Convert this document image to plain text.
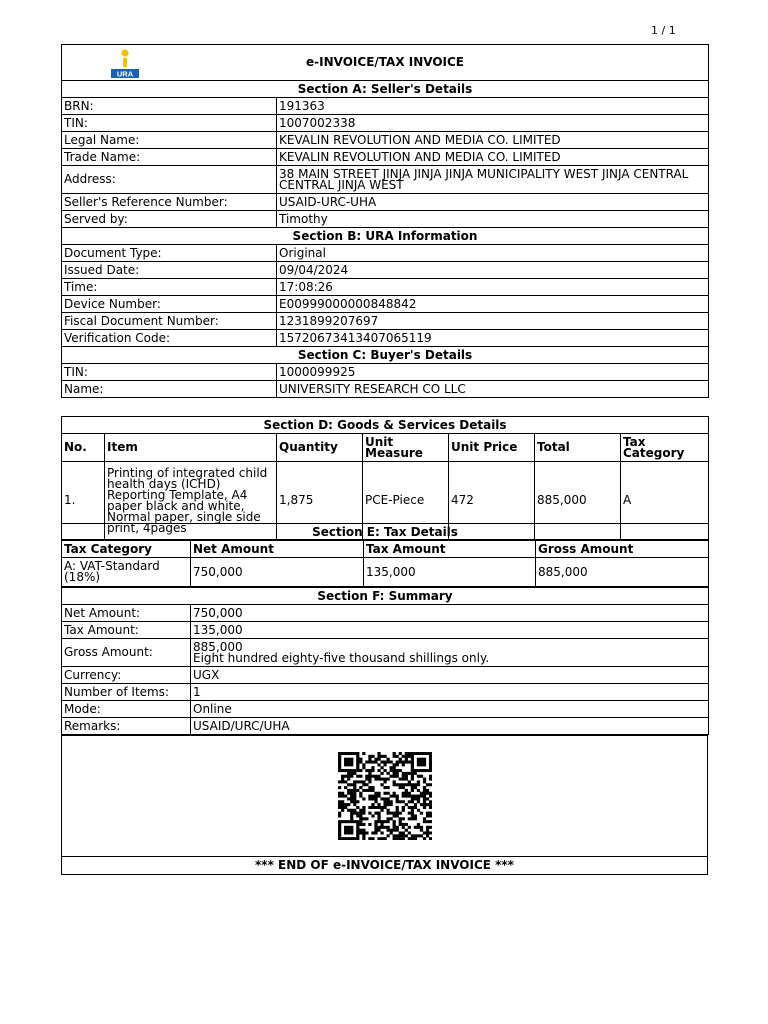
1 / 1
URA
e-INVOICE/TAX INVOICE	

Section A: Seller's Details	
BRN:	191363
TIN:	1007002338
Legal Name:	KEVALIN REVOLUTION AND MEDIA CO. LIMITED
Trade Name:	KEVALIN REVOLUTION AND MEDIA CO. LIMITED
Address:	38 MAIN STREET JINJA JINJA JINJA MUNICIPALITY WEST JINJA CENTRAL CENTRAL JINJA WEST
Seller's Reference Number:	USAID-URC-UHA
Served by:	Timothy
Section B: URA Information	
Document Type:	Original
Issued Date:	09/04/2024
Time:	17:08:26
Device Number:	E00999000000848842
Fiscal Document Number:	1231899207697
Verification Code:	15720673413407065119
Section C: Buyer's Details	
TIN:	1000099925
Name:	UNIVERSITY RESEARCH CO LLC
Section D: Goods & Services Details						
No.	Item	Quantity	Unit Measure	Unit Price	Total	Tax Category
1.	Printing of integrated child health days (ICHD) Reporting Template, A4 paper black and white, Normal paper, single side print, 4pages	1,875	PCE-Piece	472	885,000	A
Section E: Tax Details			
Tax Category	Net Amount	Tax Amount	Gross Amount
A: VAT-Standard (18%)	750,000	135,000	885,000
Section F: Summary	
Net Amount:	750,000
Tax Amount:	135,000
Gross Amount:	885,000
Eight hundred eighty-five thousand shillings only.

Currency:	UGX
Number of Items:	1
Mode:	Online
Remarks:	USAID/URC/UHA

*** END OF e-INVOICE/TAX INVOICE ***
